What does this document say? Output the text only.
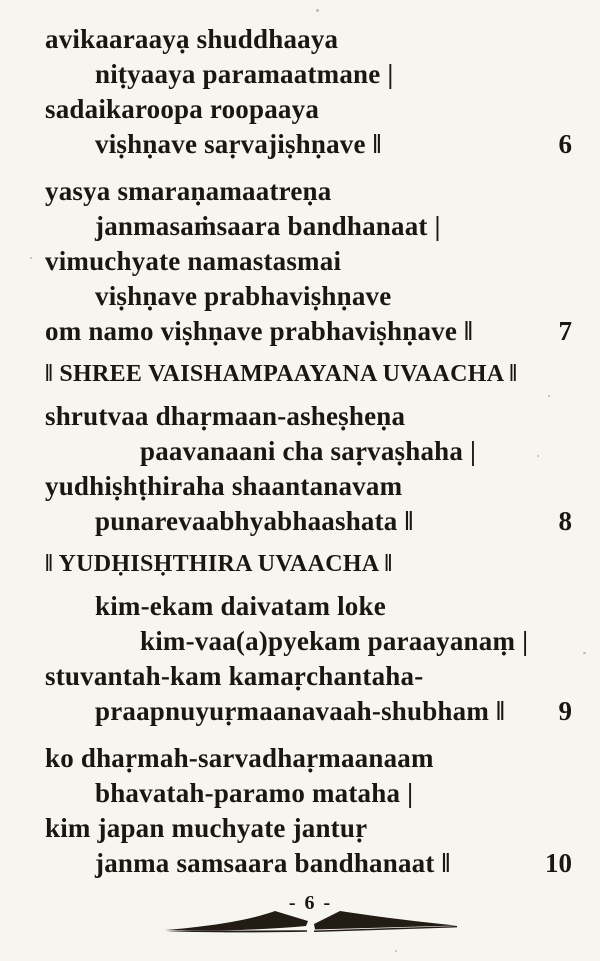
avikaaraayạ shuddhaaya

niṭyaaya paramaatmane |

sadaikaroopa roopaaya

viṣhṇave saṛvajiṣhṇave ‖	6

yasya smaraṇamaatreṇa

janmasaṁsaara bandhanaat |

vimuchyate namastasmai

viṣhṇave prabhaviṣhṇave

om namo viṣhṇave prabhaviṣhṇave ‖	7
‖ SHREE VAISHAMPAAYANA UVAACHA ‖

shrutvaa dhaṛmaan-asheṣheṇa

paavanaani cha saṛvaṣhaha |

yudhiṣhṭhiraha shaantanavam

punarevaabhyabhaashata ‖	8
‖ YUDḤISḤTHIRA UVAACHA ‖

kim-ekam daivatam loke

kim-vaa(a)pyekam paraayanaṃ |

stuvantah-kam kamaṛchantaha-

praapnuyuṛmaanavaah-shubham ‖	9

ko dhaṛmah-sarvadhaṛmaanaam

bhavatah-paramo mataha |

kim japan muchyate jantuṛ

janma samsaara bandhanaat ‖	10
- 6 -
